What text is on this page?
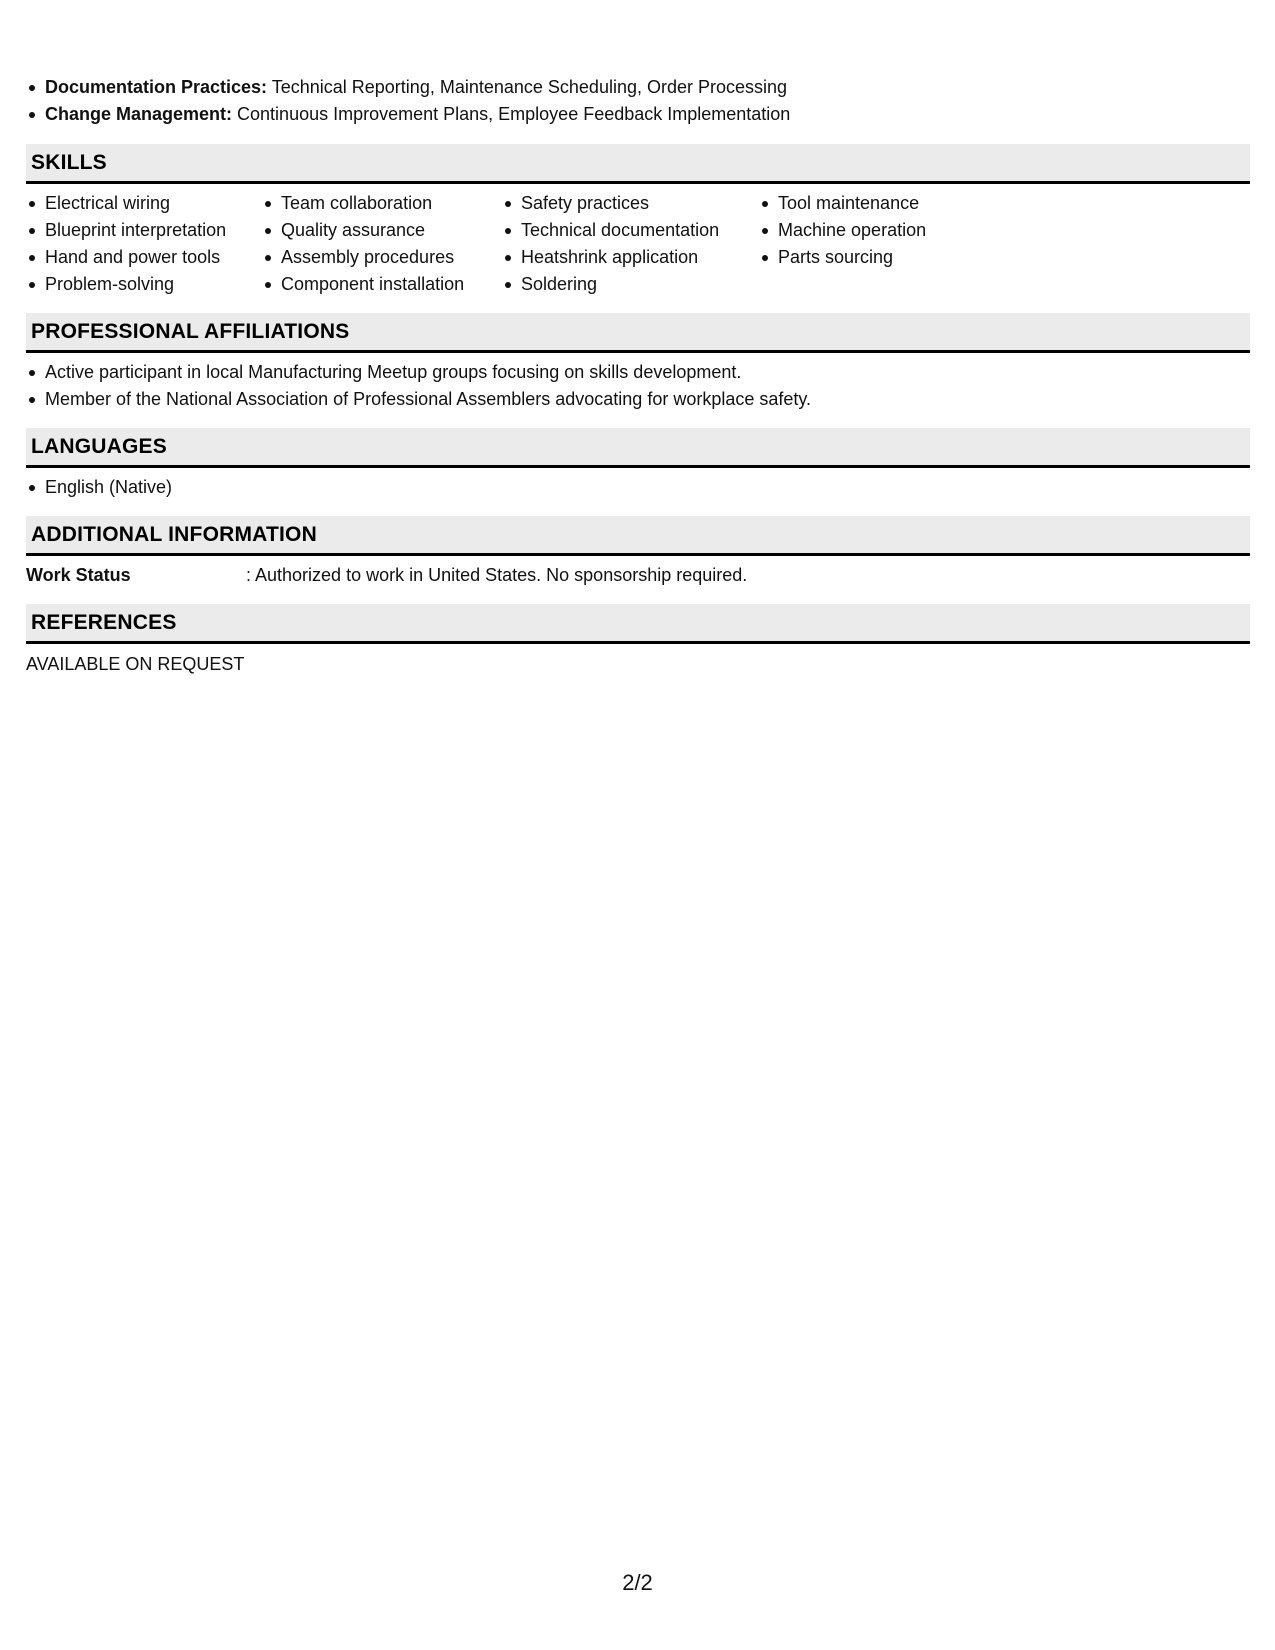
Documentation Practices: Technical Reporting, Maintenance Scheduling, Order Processing
Change Management: Continuous Improvement Plans, Employee Feedback Implementation
SKILLS
Electrical wiring
Blueprint interpretation
Hand and power tools
Problem-solving
Team collaboration
Quality assurance
Assembly procedures
Component installation
Safety practices
Technical documentation
Heatshrink application
Soldering
Tool maintenance
Machine operation
Parts sourcing
PROFESSIONAL AFFILIATIONS
Active participant in local Manufacturing Meetup groups focusing on skills development.
Member of the National Association of Professional Assemblers advocating for workplace safety.
LANGUAGES
English (Native)
ADDITIONAL INFORMATION
Work Status	: Authorized to work in United States. No sponsorship required.
REFERENCES
AVAILABLE ON REQUEST
2/2
